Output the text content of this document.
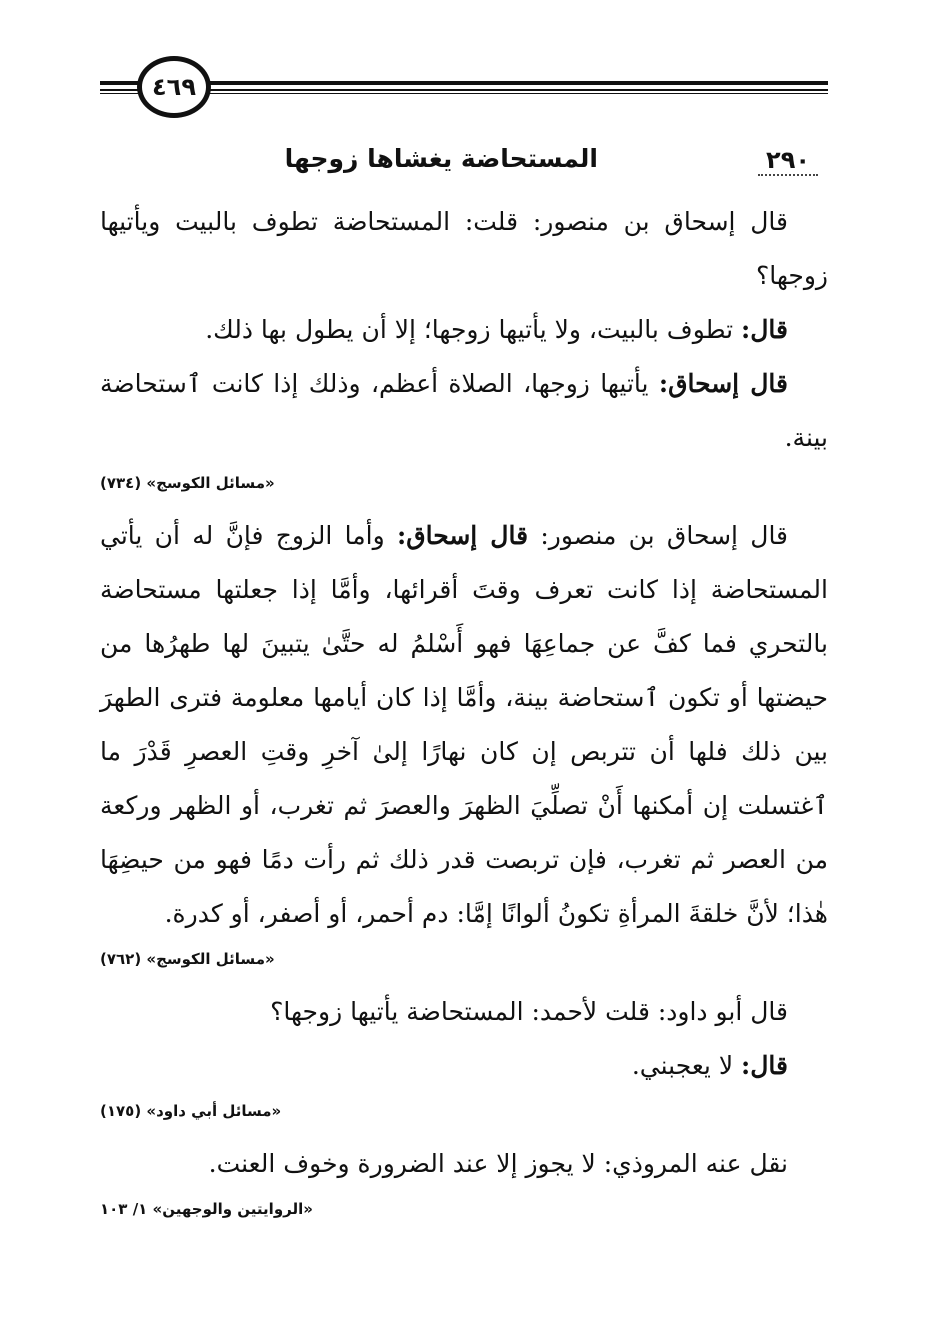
٤٦٩
٢٩٠
المستحاضة يغشاها زوجها

قال إسحاق بن منصور: قلت: المستحاضة تطوف بالبيت ويأتيها زوجها؟

قال: تطوف بالبيت، ولا يأتيها زوجها؛ إلا أن يطول بها ذلك.

قال إسحاق: يأتيها زوجها، الصلاة أعظم، وذلك إذا كانت ٱستحاضة بينة.

«مسائل الكوسج» (٧٣٤)

قال إسحاق بن منصور: قال إسحاق: وأما الزوج فإنَّ له أن يأتي المستحاضة إذا كانت تعرف وقتَ أقرائها، وأمَّا إذا جعلتها مستحاضة بالتحري فما كفَّ عن جماعِهَا فهو أَسْلمُ له حتَّىٰ يتبينَ لها طهرُها من حيضتها أو تكون ٱستحاضة بينة، وأمَّا إذا كان أيامها معلومة فترى الطهرَ بين ذلك فلها أن تتربص إن كان نهارًا إلىٰ آخرِ وقتِ العصرِ قَدْرَ ما ٱغتسلت إن أمكنها أَنْ تصلِّيَ الظهرَ والعصرَ ثم تغرب، أو الظهر وركعة من العصر ثم تغرب، فإن تربصت قدر ذلك ثم رأت دمًا فهو من حيضِهَا هٰذا؛ لأنَّ خلقةَ المرأةِ تكونُ ألوانًا إمَّا: دم أحمر، أو أصفر، أو كدرة.

«مسائل الكوسج» (٧٦٢)

قال أبو داود: قلت لأحمد: المستحاضة يأتيها زوجها؟

قال: لا يعجبني.

«مسائل أبي داود» (١٧٥)

نقل عنه المروذي: لا يجوز إلا عند الضرورة وخوف العنت.

«الروايتين والوجهين» ١/ ١٠٣
